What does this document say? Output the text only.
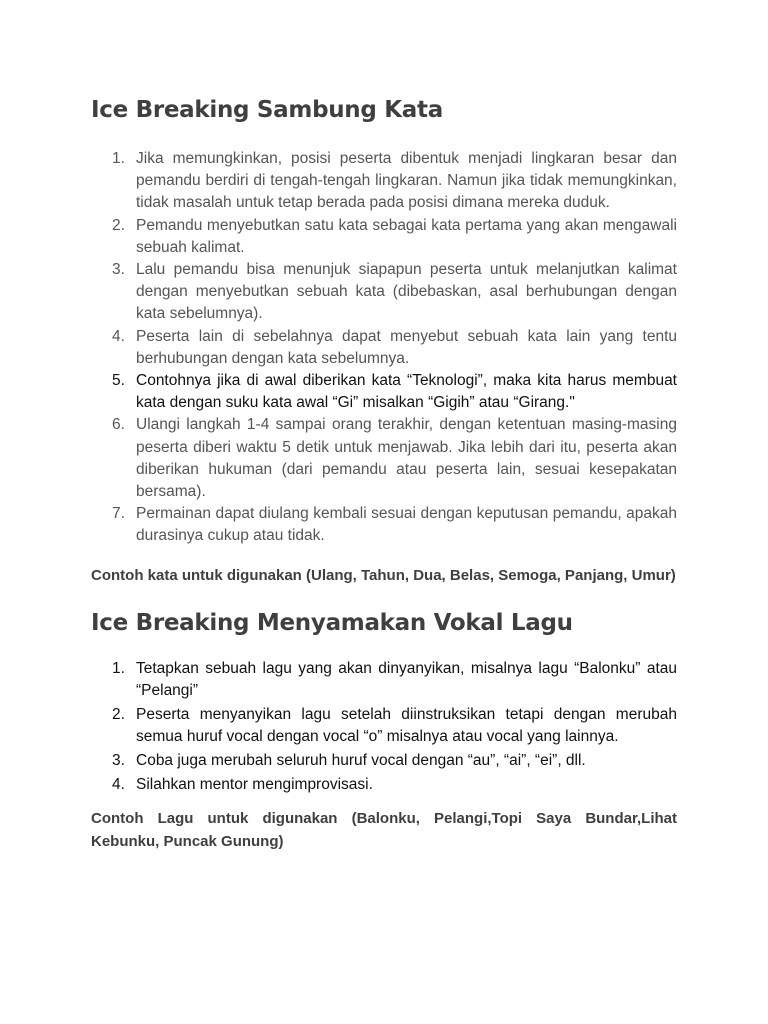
Ice Breaking Sambung Kata
1. Jika memungkinkan, posisi peserta dibentuk menjadi lingkaran besar dan pemandu berdiri di tengah-tengah lingkaran. Namun jika tidak memungkinkan, tidak masalah untuk tetap berada pada posisi dimana mereka duduk.
2. Pemandu menyebutkan satu kata sebagai kata pertama yang akan mengawali sebuah kalimat.
3. Lalu pemandu bisa menunjuk siapapun peserta untuk melanjutkan kalimat dengan menyebutkan sebuah kata (dibebaskan, asal berhubungan dengan kata sebelumnya).
4. Peserta lain di sebelahnya dapat menyebut sebuah kata lain yang tentu berhubungan dengan kata sebelumnya.
5. Contohnya jika di awal diberikan kata “Teknologi”, maka kita harus membuat kata dengan suku kata awal “Gi” misalkan “Gigih” atau “Girang."
6. Ulangi langkah 1-4 sampai orang terakhir, dengan ketentuan masing-masing peserta diberi waktu 5 detik untuk menjawab. Jika lebih dari itu, peserta akan diberikan hukuman (dari pemandu atau peserta lain, sesuai kesepakatan bersama).
7. Permainan dapat diulang kembali sesuai dengan keputusan pemandu, apakah durasinya cukup atau tidak.

Contoh kata untuk digunakan (Ulang, Tahun, Dua, Belas, Semoga, Panjang, Umur)

Ice Breaking Menyamakan Vokal Lagu
1. Tetapkan sebuah lagu yang akan dinyanyikan, misalnya lagu “Balonku” atau “Pelangi”
2. Peserta menyanyikan lagu setelah diinstruksikan tetapi dengan merubah semua huruf vocal dengan vocal “o” misalnya atau vocal yang lainnya.
3. Coba juga merubah seluruh huruf vocal dengan “au”, “ai”, “ei”, dll.
4. Silahkan mentor mengimprovisasi.

Contoh Lagu untuk digunakan (Balonku, Pelangi,Topi Saya Bundar,Lihat Kebunku, Puncak Gunung)
